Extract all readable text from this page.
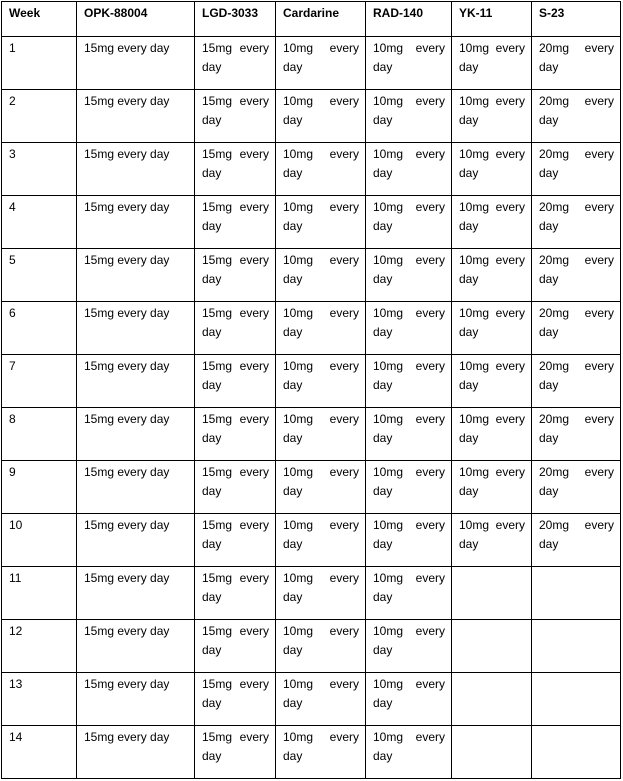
Week	OPK-88004	LGD-3033	Cardarine	RAD-140	YK-11	S-23
1	15mg every day	15mg every day	10mg every day	10mg every day	10mg every day	20mg every day
2	15mg every day	15mg every day	10mg every day	10mg every day	10mg every day	20mg every day
3	15mg every day	15mg every day	10mg every day	10mg every day	10mg every day	20mg every day
4	15mg every day	15mg every day	10mg every day	10mg every day	10mg every day	20mg every day
5	15mg every day	15mg every day	10mg every day	10mg every day	10mg every day	20mg every day
6	15mg every day	15mg every day	10mg every day	10mg every day	10mg every day	20mg every day
7	15mg every day	15mg every day	10mg every day	10mg every day	10mg every day	20mg every day
8	15mg every day	15mg every day	10mg every day	10mg every day	10mg every day	20mg every day
9	15mg every day	15mg every day	10mg every day	10mg every day	10mg every day	20mg every day
10	15mg every day	15mg every day	10mg every day	10mg every day	10mg every day	20mg every day
11	15mg every day	15mg every day	10mg every day	10mg every day		
12	15mg every day	15mg every day	10mg every day	10mg every day		
13	15mg every day	15mg every day	10mg every day	10mg every day		
14	15mg every day	15mg every day	10mg every day	10mg every day		
